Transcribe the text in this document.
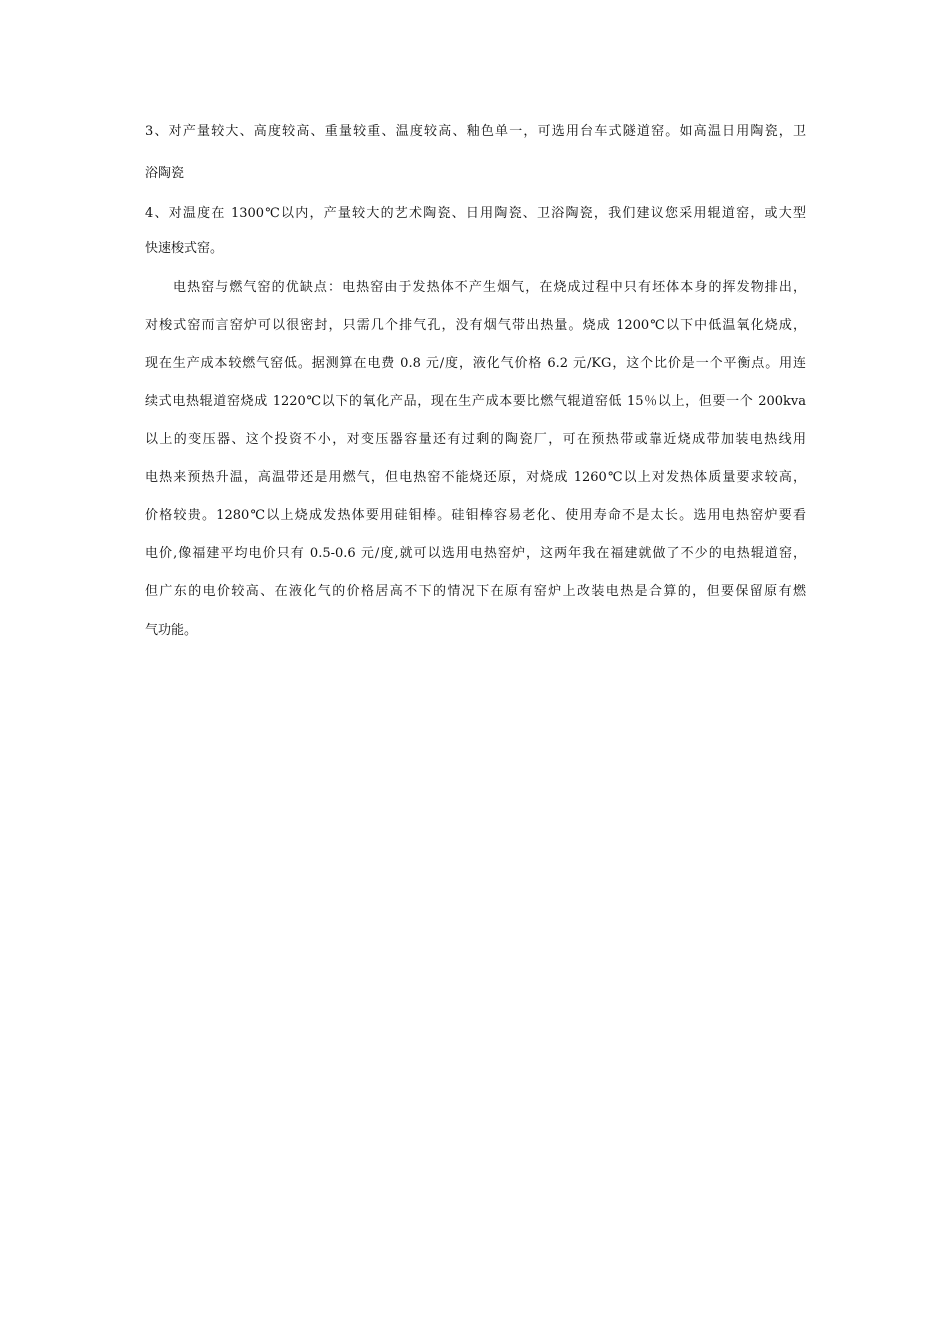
3、对产量较大、高度较高、重量较重、温度较高、釉色单一，可选用台车式隧道窑。如高温日用陶瓷，卫
浴陶瓷
4、对温度在 1300℃以内，产量较大的艺术陶瓷、日用陶瓷、卫浴陶瓷，我们建议您采用辊道窑，或大型
快速梭式窑。
电热窑与燃气窑的优缺点：电热窑由于发热体不产生烟气，在烧成过程中只有坯体本身的挥发物排出，
对梭式窑而言窑炉可以很密封，只需几个排气孔，没有烟气带出热量。烧成 1200℃以下中低温氧化烧成，
现在生产成本较燃气窑低。据测算在电费 0.8 元/度，液化气价格 6.2 元/KG，这个比价是一个平衡点。用连
续式电热辊道窑烧成 1220℃以下的氧化产品，现在生产成本要比燃气辊道窑低 15％以上，但要一个 200kva
以上的变压器、这个投资不小，对变压器容量还有过剩的陶瓷厂，可在预热带或靠近烧成带加装电热线用
电热来预热升温，高温带还是用燃气，但电热窑不能烧还原，对烧成 1260℃以上对发热体质量要求较高，
价格较贵。1280℃以上烧成发热体要用硅钼棒。硅钼棒容易老化、使用寿命不是太长。选用电热窑炉要看
电价,像福建平均电价只有 0.5-0.6 元/度,就可以选用电热窑炉，这两年我在福建就做了不少的电热辊道窑，
但广东的电价较高、在液化气的价格居高不下的情况下在原有窑炉上改装电热是合算的，但要保留原有燃
气功能。
